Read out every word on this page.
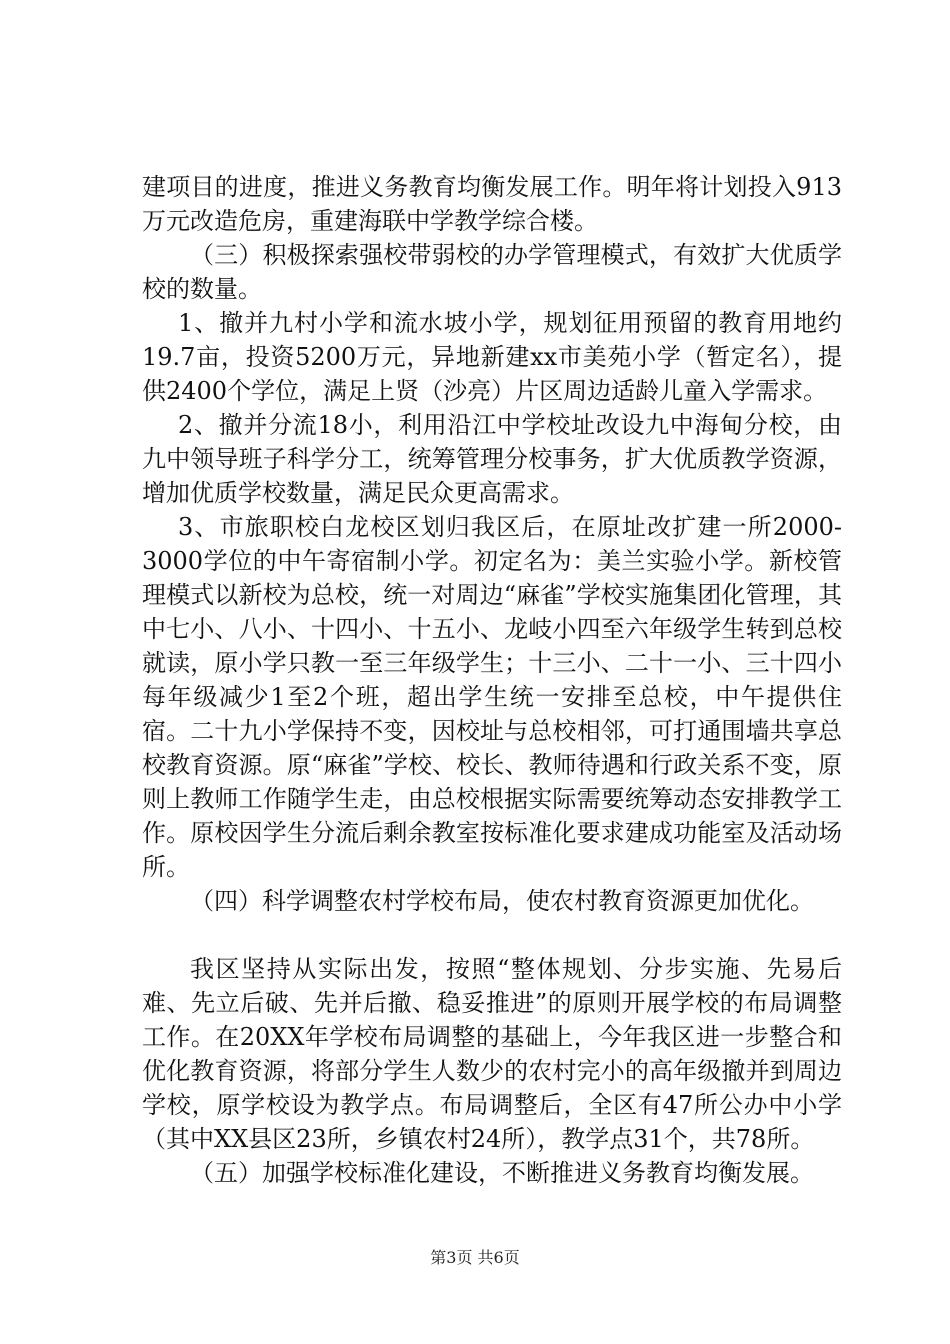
建项目的进度，推进义务教育均衡发展工作。明年将计划投入913万元改造危房，重建海联中学教学综合楼。

（三）积极探索强校带弱校的办学管理模式，有效扩大优质学校的数量。

1、撤并九村小学和流水坡小学，规划征用预留的教育用地约19.7亩，投资5200万元，异地新建xx市美苑小学（暂定名），提供2400个学位，满足上贤（沙亮）片区周边适龄儿童入学需求。

2、撤并分流18小，利用沿江中学校址改设九中海甸分校，由九中领导班子科学分工，统筹管理分校事务，扩大优质教学资源，增加优质学校数量，满足民众更高需求。

3、市旅职校白龙校区划归我区后，在原址改扩建一所2000-3000学位的中午寄宿制小学。初定名为：美兰实验小学。新校管理模式以新校为总校，统一对周边“麻雀”学校实施集团化管理，其中七小、八小、十四小、十五小、龙岐小四至六年级学生转到总校就读，原小学只教一至三年级学生；十三小、二十一小、三十四小每年级减少1至2个班，超出学生统一安排至总校，中午提供住宿。二十九小学保持不变，因校址与总校相邻，可打通围墙共享总校教育资源。原“麻雀”学校、校长、教师待遇和行政关系不变，原则上教师工作随学生走，由总校根据实际需要统筹动态安排教学工作。原校因学生分流后剩余教室按标准化要求建成功能室及活动场所。

（四）科学调整农村学校布局，使农村教育资源更加优化。

我区坚持从实际出发，按照“整体规划、分步实施、先易后难、先立后破、先并后撤、稳妥推进”的原则开展学校的布局调整工作。在20XX年学校布局调整的基础上，今年我区进一步整合和优化教育资源，将部分学生人数少的农村完小的高年级撤并到周边学校，原学校设为教学点。布局调整后，全区有47所公办中小学（其中XX县区23所，乡镇农村24所），教学点31个，共78所。

（五）加强学校标准化建设，不断推进义务教育均衡发展。

第3页 共6页
